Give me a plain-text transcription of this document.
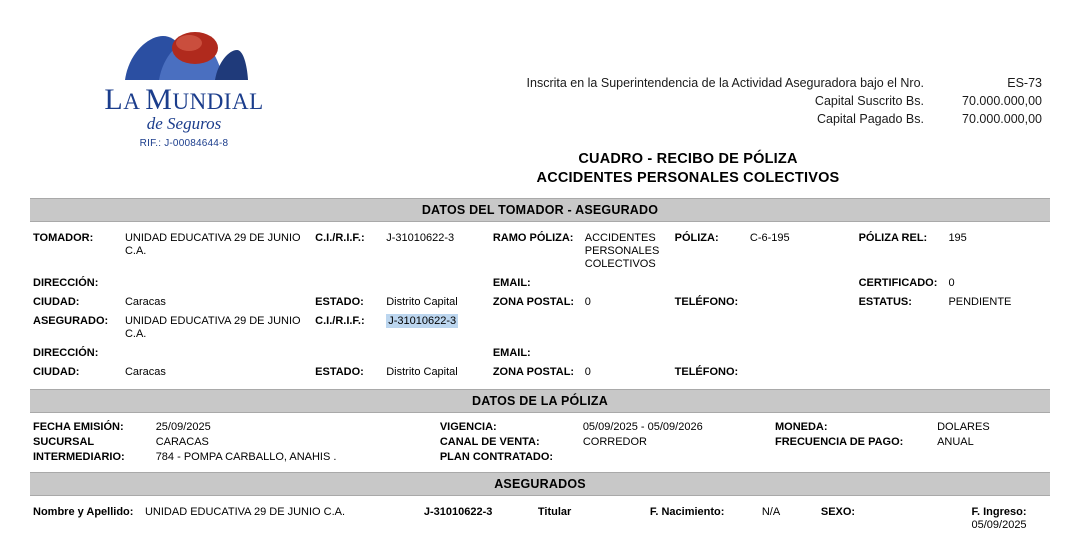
LA MUNDIAL
de Seguros
RIF.: J-00084644-8
Inscrita en la Superintendencia de la Actividad Aseguradora bajo el Nro.	ES-73
Capital Suscrito Bs.	70.000.000,00
Capital Pagado Bs.	70.000.000,00
CUADRO - RECIBO DE PÓLIZA
ACCIDENTES PERSONALES COLECTIVOS
DATOS DEL TOMADOR - ASEGURADO
TOMADOR:	UNIDAD EDUCATIVA 29 DE JUNIO C.A.	C.I./R.I.F.:	J-31010622-3	RAMO PÓLIZA:	ACCIDENTES PERSONALES COLECTIVOS	PÓLIZA:	C-6-195	PÓLIZA REL:	195
DIRECCIÓN:				EMAIL:				CERTIFICADO:	0
CIUDAD:	Caracas	ESTADO:	Distrito Capital	ZONA POSTAL:	0	TELÉFONO:		ESTATUS:	PENDIENTE
ASEGURADO:	UNIDAD EDUCATIVA 29 DE JUNIO C.A.	C.I./R.I.F.:	J-31010622-3						
DIRECCIÓN:				EMAIL:					
CIUDAD:	Caracas	ESTADO:	Distrito Capital	ZONA POSTAL:	0	TELÉFONO:			
DATOS DE LA PÓLIZA
FECHA EMISIÓN:	25/09/2025	VIGENCIA:	05/09/2025 - 05/09/2026	MONEDA:	DOLARES
SUCURSAL	CARACAS	CANAL DE VENTA:	CORREDOR	FRECUENCIA DE PAGO:	ANUAL
INTERMEDIARIO:	784 - POMPA CARBALLO, ANAHIS .	PLAN CONTRATADO:			
ASEGURADOS
Nombre y Apellido:	UNIDAD EDUCATIVA 29 DE JUNIO C.A.	J-31010622-3	Titular	F. Nacimiento:	N/A	SEXO:		F. Ingreso: 05/09/2025
